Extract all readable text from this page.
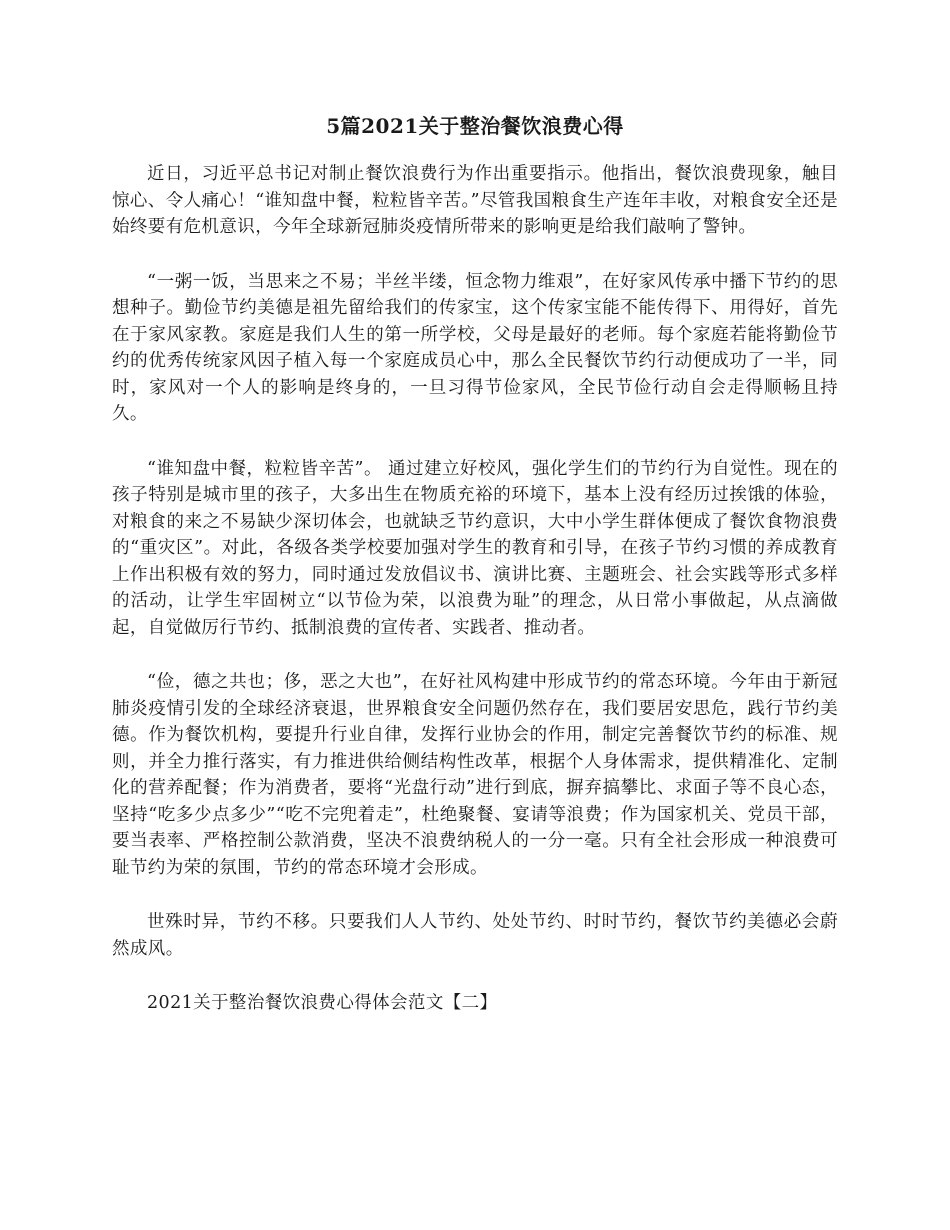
5篇2021关于整治餐饮浪费心得

近日，习近平总书记对制止餐饮浪费行为作出重要指示。他指出，餐饮浪费现象，触目惊心、令人痛心！“谁知盘中餐，粒粒皆辛苦。”尽管我国粮食生产连年丰收，对粮食安全还是始终要有危机意识，今年全球新冠肺炎疫情所带来的影响更是给我们敲响了警钟。

“一粥一饭，当思来之不易；半丝半缕，恒念物力维艰”，在好家风传承中播下节约的思想种子。勤俭节约美德是祖先留给我们的传家宝，这个传家宝能不能传得下、用得好，首先在于家风家教。家庭是我们人生的第一所学校，父母是最好的老师。每个家庭若能将勤俭节约的优秀传统家风因子植入每一个家庭成员心中，那么全民餐饮节约行动便成功了一半，同时，家风对一个人的影响是终身的，一旦习得节俭家风，全民节俭行动自会走得顺畅且持久。

“谁知盘中餐，粒粒皆辛苦”。 通过建立好校风，强化学生们的节约行为自觉性。现在的孩子特别是城市里的孩子，大多出生在物质充裕的环境下，基本上没有经历过挨饿的体验，对粮食的来之不易缺少深切体会，也就缺乏节约意识，大中小学生群体便成了餐饮食物浪费的“重灾区”。对此，各级各类学校要加强对学生的教育和引导，在孩子节约习惯的养成教育上作出积极有效的努力，同时通过发放倡议书、演讲比赛、主题班会、社会实践等形式多样的活动，让学生牢固树立“以节俭为荣，以浪费为耻”的理念，从日常小事做起，从点滴做起，自觉做厉行节约、抵制浪费的宣传者、实践者、推动者。

“俭，德之共也；侈，恶之大也”，在好社风构建中形成节约的常态环境。今年由于新冠肺炎疫情引发的全球经济衰退，世界粮食安全问题仍然存在，我们要居安思危，践行节约美德。作为餐饮机构，要提升行业自律，发挥行业协会的作用，制定完善餐饮节约的标准、规则，并全力推行落实，有力推进供给侧结构性改革，根据个人身体需求，提供精准化、定制化的营养配餐；作为消费者，要将“光盘行动”进行到底，摒弃搞攀比、求面子等不良心态，坚持“吃多少点多少”“吃不完兜着走”，杜绝聚餐、宴请等浪费；作为国家机关、党员干部，要当表率、严格控制公款消费，坚决不浪费纳税人的一分一毫。只有全社会形成一种浪费可耻节约为荣的氛围，节约的常态环境才会形成。

世殊时异，节约不移。只要我们人人节约、处处节约、时时节约，餐饮节约美德必会蔚然成风。

2021关于整治餐饮浪费心得体会范文【二】
